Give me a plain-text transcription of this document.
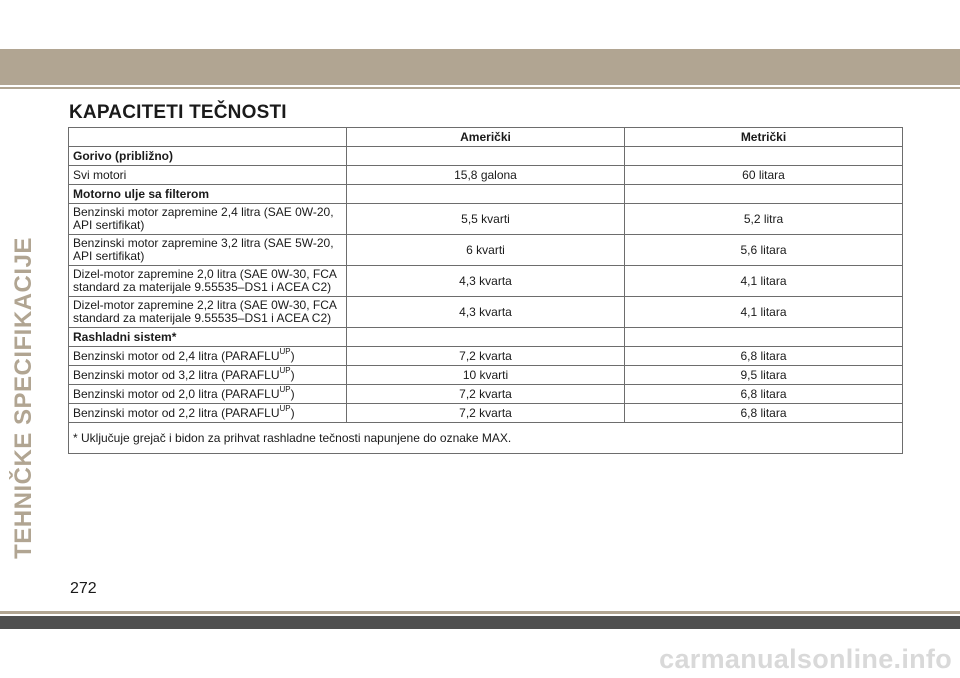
TEHNIČKE SPECIFIKACIJE
KAPACITETI TEČNOSTI
	Američki	Metrički
Gorivo (približno)		
Svi motori	15,8 galona	60 litara
Motorno ulje sa filterom		
Benzinski motor zapremine 2,4 litra (SAE 0W-20, API sertifikat)	5,5 kvarti	5,2 litra
Benzinski motor zapremine 3,2 litra (SAE 5W-20, API sertifikat)	6 kvarti	5,6 litara
Dizel-motor zapremine 2,0 litra (SAE 0W-30, FCA standard za materijale 9.55535–DS1 i ACEA C2)	4,3 kvarta	4,1 litara
Dizel-motor zapremine 2,2 litra (SAE 0W-30, FCA standard za materijale 9.55535–DS1 i ACEA C2)	4,3 kvarta	4,1 litara
Rashladni sistem*		
Benzinski motor od 2,4 litra $(PARAFLU^{UP})$	7,2 kvarta	6,8 litara
Benzinski motor od 3,2 litra $(PARAFLU^{UP})$	10 kvarti	9,5 litara
Benzinski motor od 2,0 litra $(PARAFLU^{UP})$	7,2 kvarta	6,8 litara
Benzinski motor od 2,2 litra $(PARAFLU^{UP})$	7,2 kvarta	6,8 litara
* Uključuje grejač i bidon za prihvat rashladne tečnosti napunjene do oznake MAX.		
272
carmanualsonline.info
